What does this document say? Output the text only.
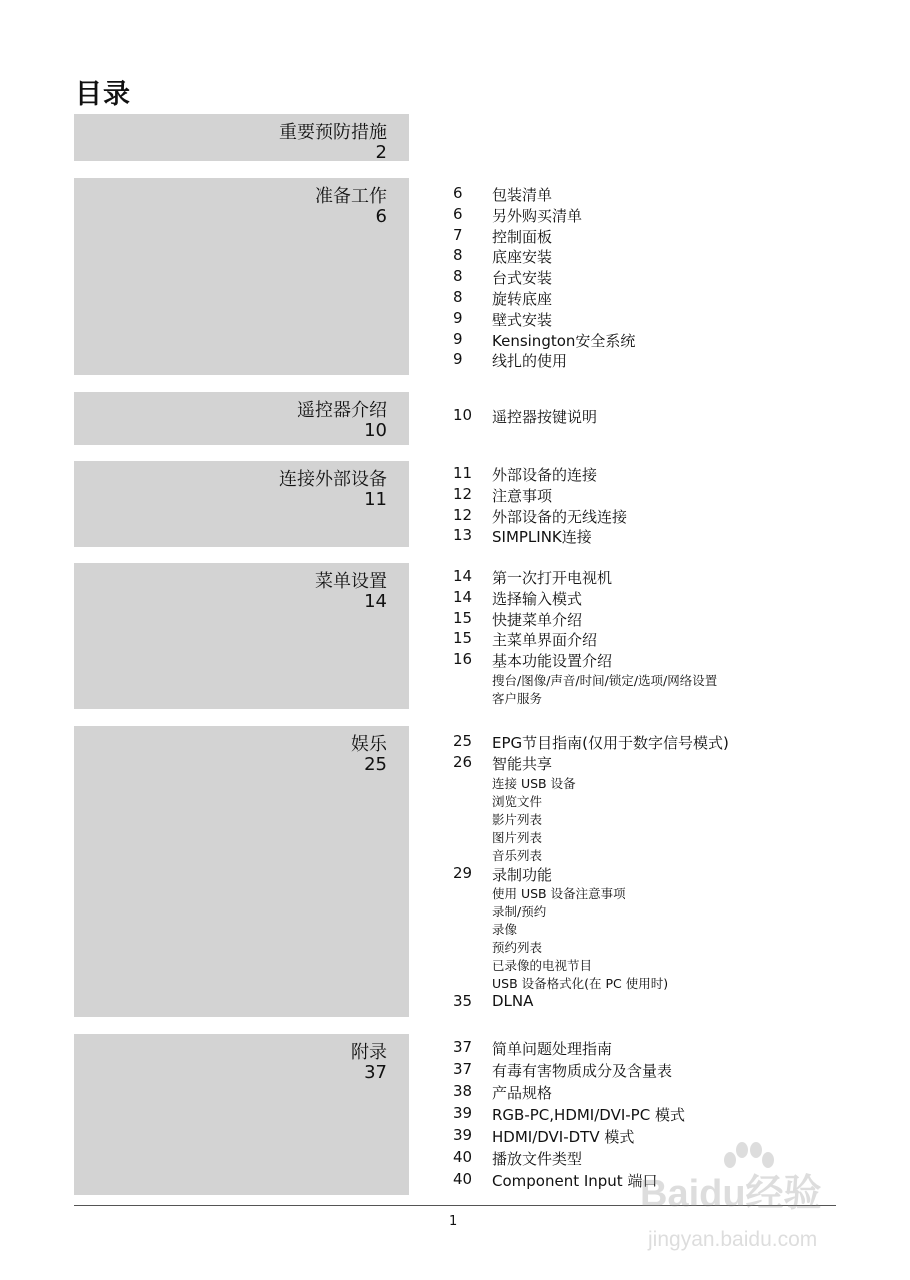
目录
重要预防措施
2
准备工作
6
6 包装清单
6 另外购买清单
7 控制面板
8 底座安装
8 台式安装
8 旋转底座
9 壁式安装
9 Kensington安全系统
9 线扎的使用
遥控器介绍
10
10 遥控器按键说明
连接外部设备
11
11 外部设备的连接
12 注意事项
12 外部设备的无线连接
13 SIMPLINK连接
菜单设置
14
14 第一次打开电视机
14 选择输入模式
15 快捷菜单介绍
15 主菜单界面介绍
16 基本功能设置介绍
搜台/图像/声音/时间/锁定/选项/网络设置
客户服务
娱乐
25
25 EPG节目指南(仅用于数字信号模式)
26 智能共享
连接 USB 设备
浏览文件
影片列表
图片列表
音乐列表
29 录制功能
使用 USB 设备注意事项
录制/预约
录像
预约列表
已录像的电视节目
USB 设备格式化(在 PC 使用时)
35 DLNA
附录
37
37 简单问题处理指南
37 有毒有害物质成分及含量表
38 产品规格
39 RGB-PC,HDMI/DVI-PC 模式
39 HDMI/DVI-DTV 模式
40 播放文件类型
40 Component Input 端口
1
Baidu经验
jingyan.baidu.com
